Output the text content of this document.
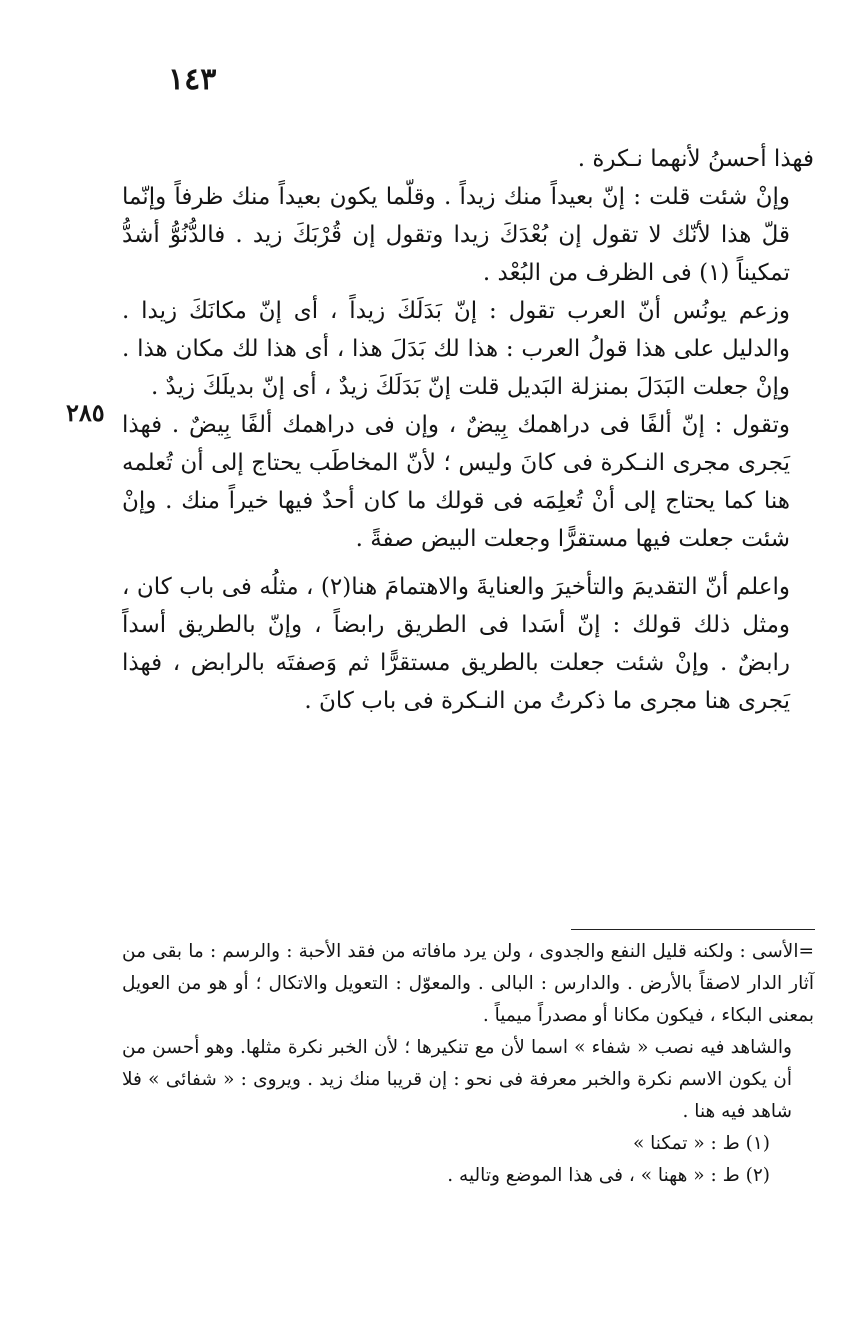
١٤٣
٢٨٥

فهذا أحسنُ لأنهما نـكرة .

وإنْ شئت قلت : إنّ بعيداً منك زيداً . وقلّما يكون بعيداً منك ظرفاً وإنّما قلّ هذا لأنّك لا تقول إن بُعْدَكَ زيدا وتقول إن قُرْبَكَ زيد . فالدُّنُوُّ أشدُّ تمكيناً (١) فى الظرف من البُعْد .

وزعم يونُس أنّ العرب تقول : إنّ بَدَلَكَ زيداً ، أى إنّ مكانَكَ زيدا . والدليل على هذا قولُ العرب : هذا لك بَدَلَ هذا ، أى هذا لك مكان هذا . وإنْ جعلت البَدَلَ بمنزلة البَديل قلت إنّ بَدَلَكَ زيدٌ ، أى إنّ بديلَكَ زيدٌ .

وتقول : إنّ ألفًا فى دراهمك بِيضٌ ، وإن فى دراهمك ألفًا بِيضٌ . فهذا يَجرى مجرى النـكرة فى كانَ وليس ؛ لأنّ المخاطَب يحتاج إلى أن تُعلمه هنا كما يحتاج إلى أنْ تُعلِمَه فى قولك ما كان أحدٌ فيها خيراً منك . وإنْ شئت جعلت فيها مستقرًّا وجعلت البيض صفةً .

واعلم أنّ التقديمَ والتأخيرَ والعنايةَ والاهتمامَ هنا(٢) ، مثلُه فى باب كان ، ومثل ذلك قولك : إنّ أسَدا فى الطريق رابضاً ، وإنّ بالطريق أسداً رابضٌ . وإنْ شئت جعلت بالطريق مستقرًّا ثم وَصفتَه بالرابض ، فهذا يَجرى هنا مجرى ما ذكرتُ من النـكرة فى باب كانَ .

=الأسى : ولكنه قليل النفع والجدوى ، ولن يرد مافاته من فقد الأحبة : والرسم : ما بقى من آثار الدار لاصقاً بالأرض . والدارس : البالى . والمعوّل : التعويل والاتكال ؛ أو هو من العويل بمعنى البكاء ، فيكون مكانا أو مصدراً ميمياً .

والشاهد فيه نصب « شفاء » اسما لأن مع تنكيرها ؛ لأن الخبر نكرة مثلها. وهو أحسن من أن يكون الاسم نكرة والخبر معرفة فى نحو : إن قريبا منك زيد . ويروى : « شفائى » فلا شاهد فيه هنا .

(١) ط : « تمكنا »

(٢) ط : « ههنا » ، فى هذا الموضع وتاليه .
